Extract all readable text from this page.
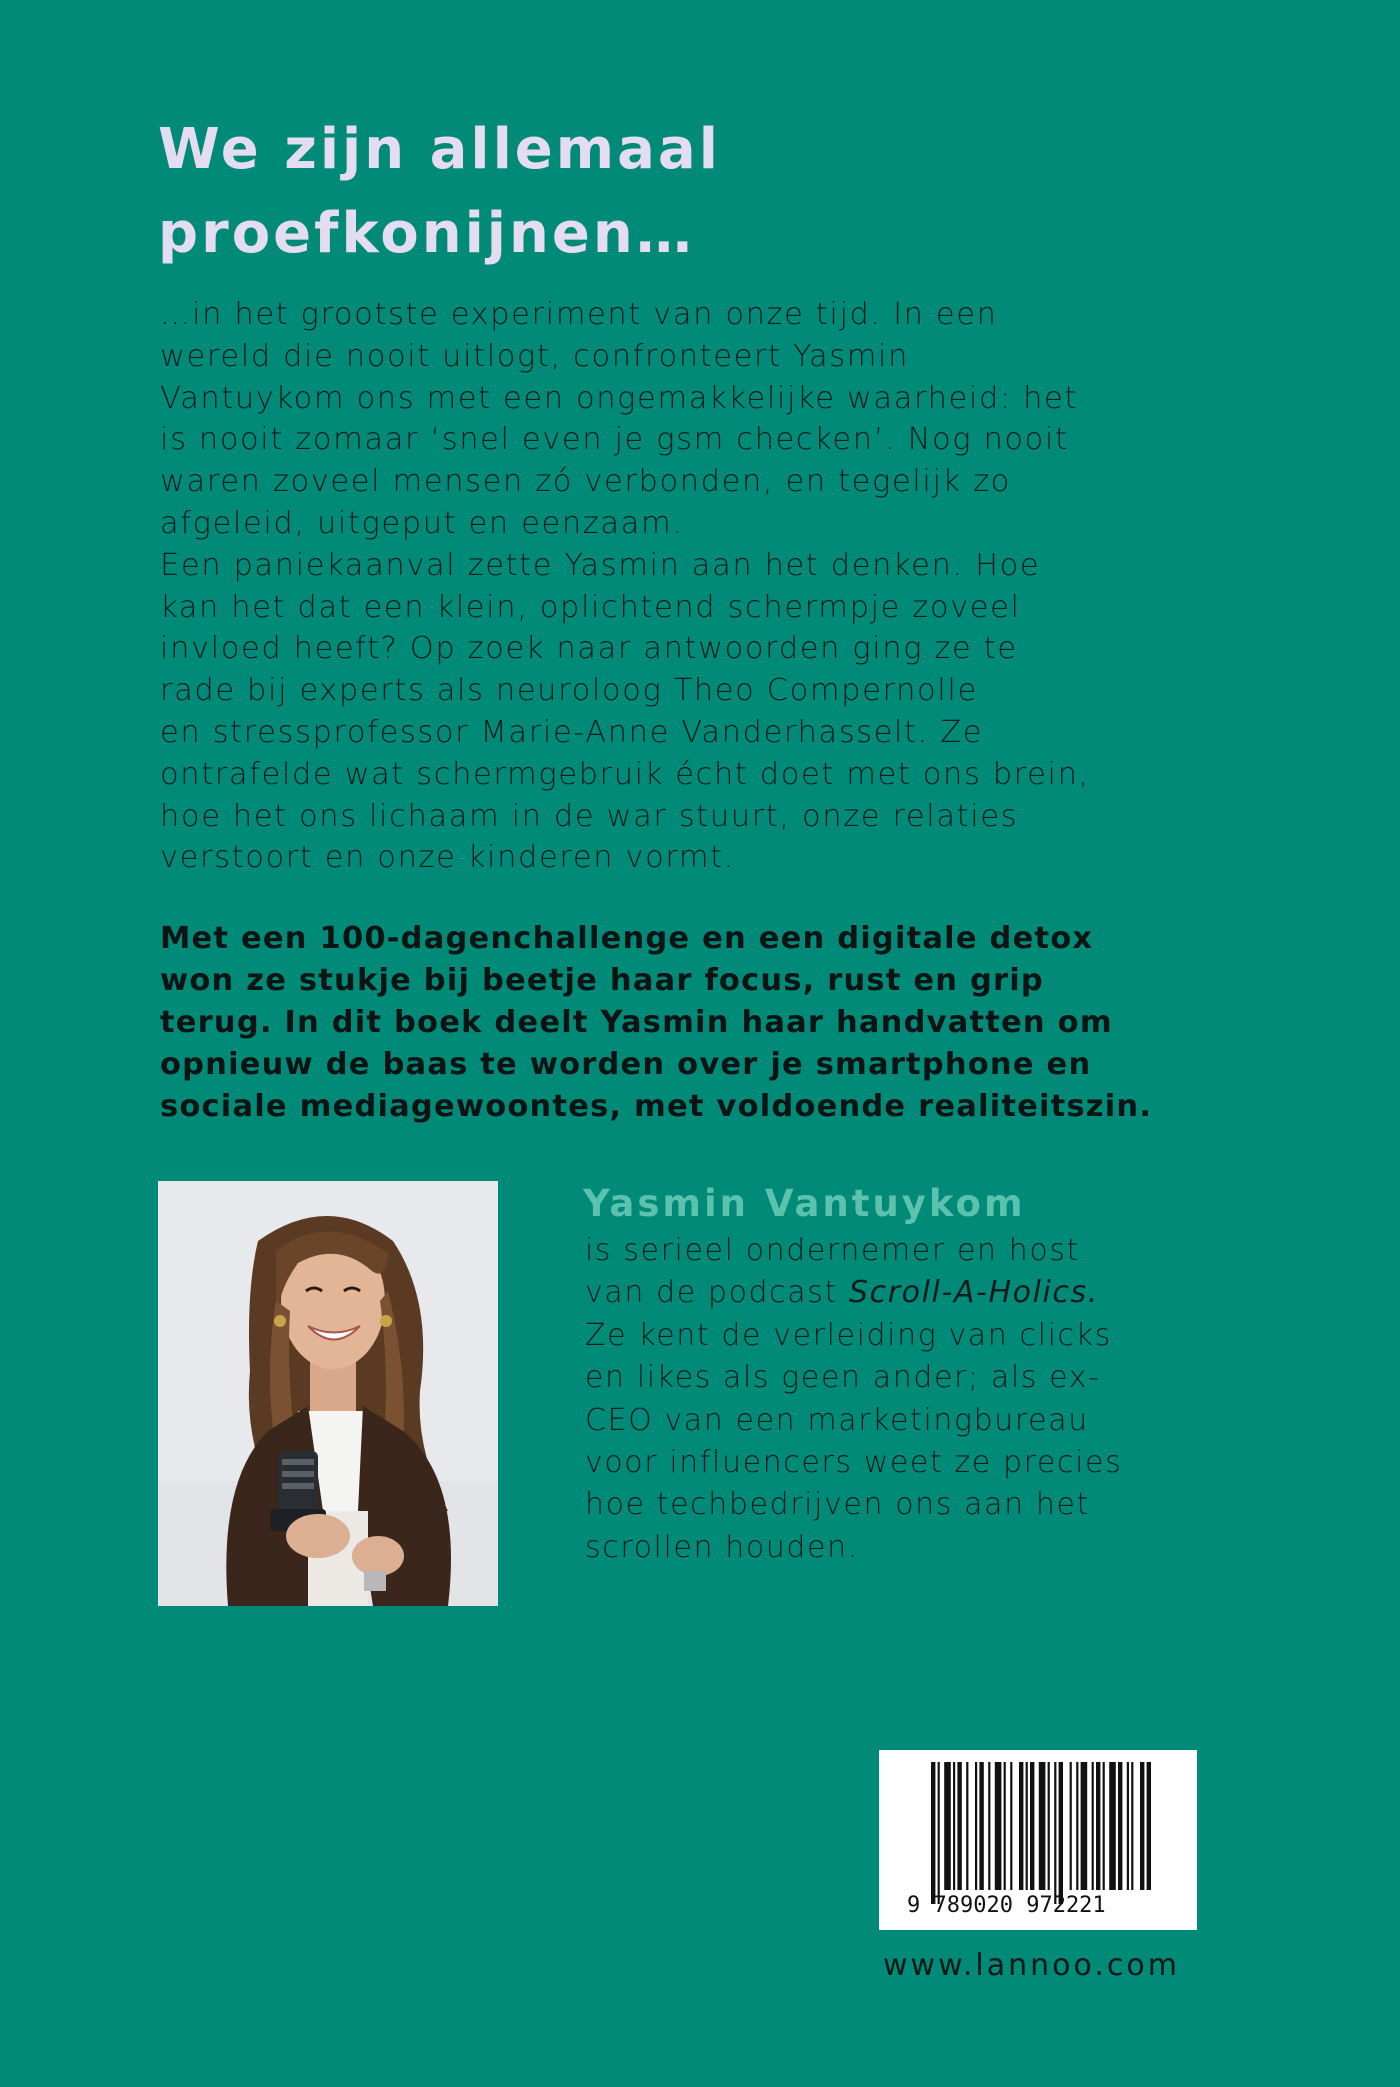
We zijn allemaal
proefkonijnen…

…in het grootste experiment van onze tijd. In een
wereld die nooit uitlogt, confronteert Yasmin
Vantuykom ons met een ongemakkelijke waarheid: het
is nooit zomaar ‘snel even je gsm checken’. Nog nooit
waren zoveel mensen zó verbonden, en tegelijk zo
afgeleid, uitgeput en eenzaam.
Een paniekaanval zette Yasmin aan het denken. Hoe
kan het dat een klein, oplichtend schermpje zoveel
invloed heeft? Op zoek naar antwoorden ging ze te
rade bij experts als neuroloog Theo Compernolle
en stressprofessor Marie-Anne Vanderhasselt. Ze
ontrafelde wat schermgebruik écht doet met ons brein,
hoe het ons lichaam in de war stuurt, onze relaties
verstoort en onze kinderen vormt.

Met een 100-dagenchallenge en een digitale detox
won ze stukje bij beetje haar focus, rust en grip
terug. In dit boek deelt Yasmin haar handvatten om
opnieuw de baas te worden over je smartphone en
sociale mediagewoontes, met voldoende realiteitszin.

Yasmin Vantuykom

is serieel ondernemer en host
van de podcast Scroll-A-Holics.
Ze kent de verleiding van clicks
en likes als geen ander; als ex-
CEO van een marketingbureau
voor influencers weet ze precies
hoe techbedrijven ons aan het
scrollen houden.

9 789020 972221
www.lannoo.com
